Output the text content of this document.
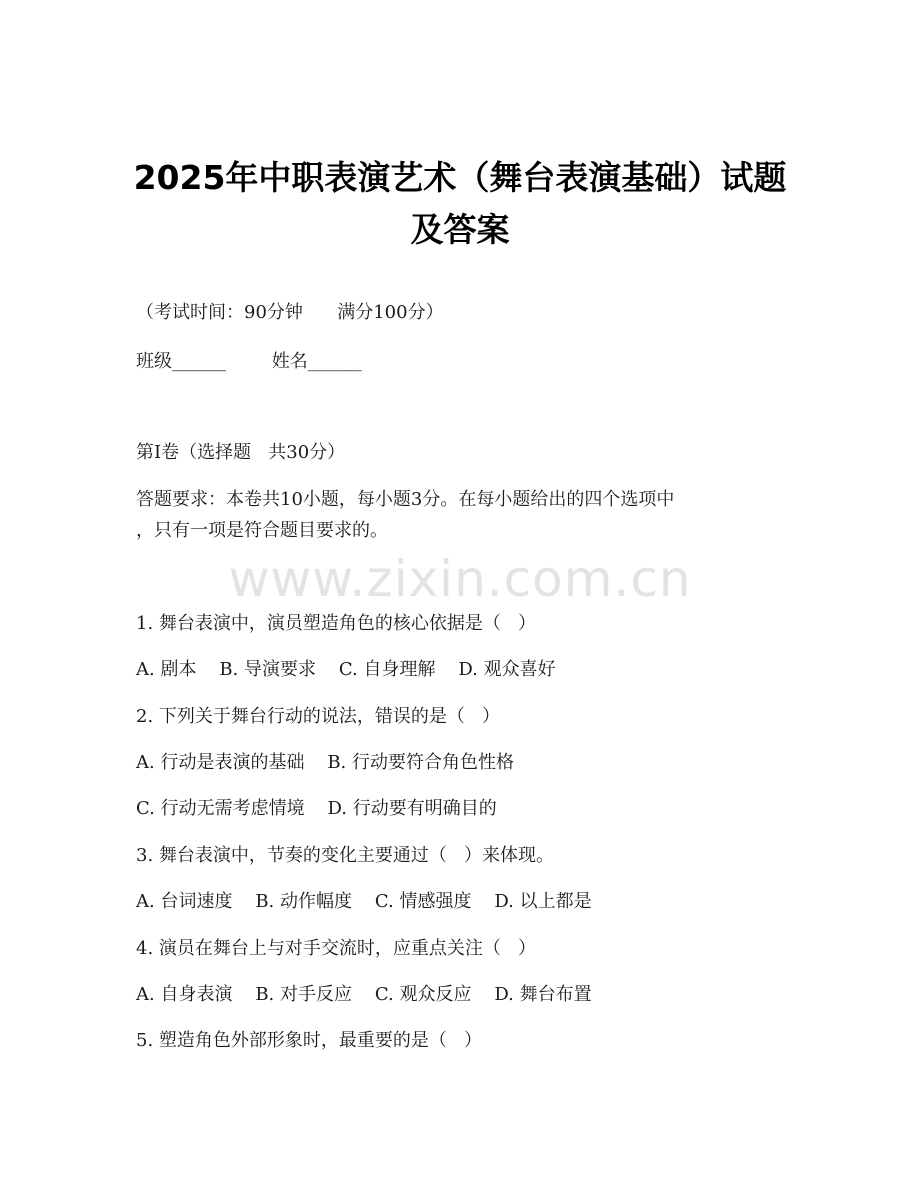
www.zixin.com.cn
2025年中职表演艺术（舞台表演基础）试题
及答案
（考试时间：90分钟      满分100分）
班级______        姓名______
第Ⅰ卷（选择题   共30分）
答题要求：本卷共10小题，每小题3分。在每小题给出的四个选项中
，只有一项是符合题目要求的。
1. 舞台表演中，演员塑造角色的核心依据是（   ）
A. 剧本    B. 导演要求    C. 自身理解    D. 观众喜好
2. 下列关于舞台行动的说法，错误的是（   ）
A. 行动是表演的基础    B. 行动要符合角色性格
C. 行动无需考虑情境    D. 行动要有明确目的
3. 舞台表演中，节奏的变化主要通过（   ）来体现。
A. 台词速度    B. 动作幅度    C. 情感强度    D. 以上都是
4. 演员在舞台上与对手交流时，应重点关注（   ）
A. 自身表演    B. 对手反应    C. 观众反应    D. 舞台布置
5. 塑造角色外部形象时，最重要的是（   ）
